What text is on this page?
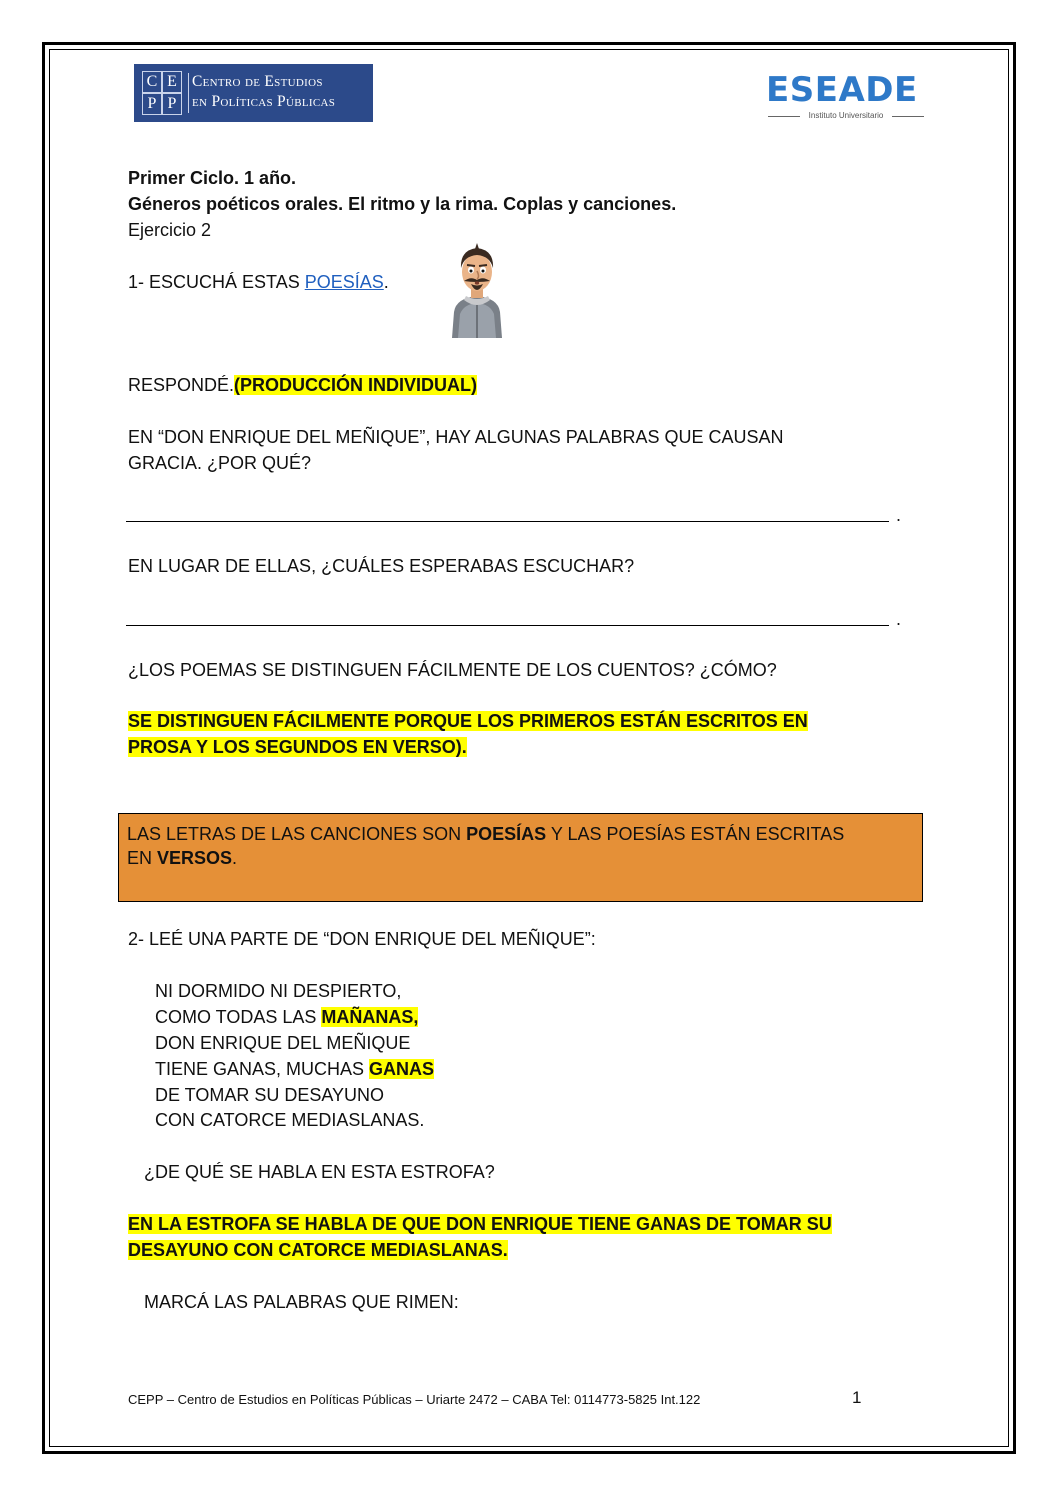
C E
P P
Centro de Estudios
en Políticas Públicas	ESEADE
Instituto Universitario
Primer Ciclo. 1 año.
Géneros poéticos orales. El ritmo y la rima. Coplas y canciones.
Ejercicio 2
1- ESCUCHÁ ESTAS POESÍAS.
RESPONDÉ.(PRODUCCIÓN INDIVIDUAL)
EN “DON ENRIQUE DEL MEÑIQUE”, HAY ALGUNAS PALABRAS QUE CAUSAN
GRACIA. ¿POR QUÉ?
.
EN LUGAR DE ELLAS, ¿CUÁLES ESPERABAS ESCUCHAR?
.
¿LOS POEMAS SE DISTINGUEN FÁCILMENTE DE LOS CUENTOS? ¿CÓMO?
SE DISTINGUEN FÁCILMENTE PORQUE LOS PRIMEROS ESTÁN ESCRITOS EN
PROSA Y LOS SEGUNDOS EN VERSO).
LAS LETRAS DE LAS CANCIONES SON POESÍAS Y LAS POESÍAS ESTÁN ESCRITAS
EN VERSOS.
2- LEÉ UNA PARTE DE “DON ENRIQUE DEL MEÑIQUE”:
NI DORMIDO NI DESPIERTO,
COMO TODAS LAS MAÑANAS,
DON ENRIQUE DEL MEÑIQUE
TIENE GANAS, MUCHAS GANAS
DE TOMAR SU DESAYUNO
CON CATORCE MEDIASLANAS.
¿DE QUÉ SE HABLA EN ESTA ESTROFA?
EN LA ESTROFA SE HABLA DE QUE DON ENRIQUE TIENE GANAS DE TOMAR SU
DESAYUNO CON CATORCE MEDIASLANAS.
MARCÁ LAS PALABRAS QUE RIMEN:
CEPP – Centro de Estudios en Políticas Públicas – Uriarte 2472 – CABA Tel: 0114773-5825 Int.122	1
